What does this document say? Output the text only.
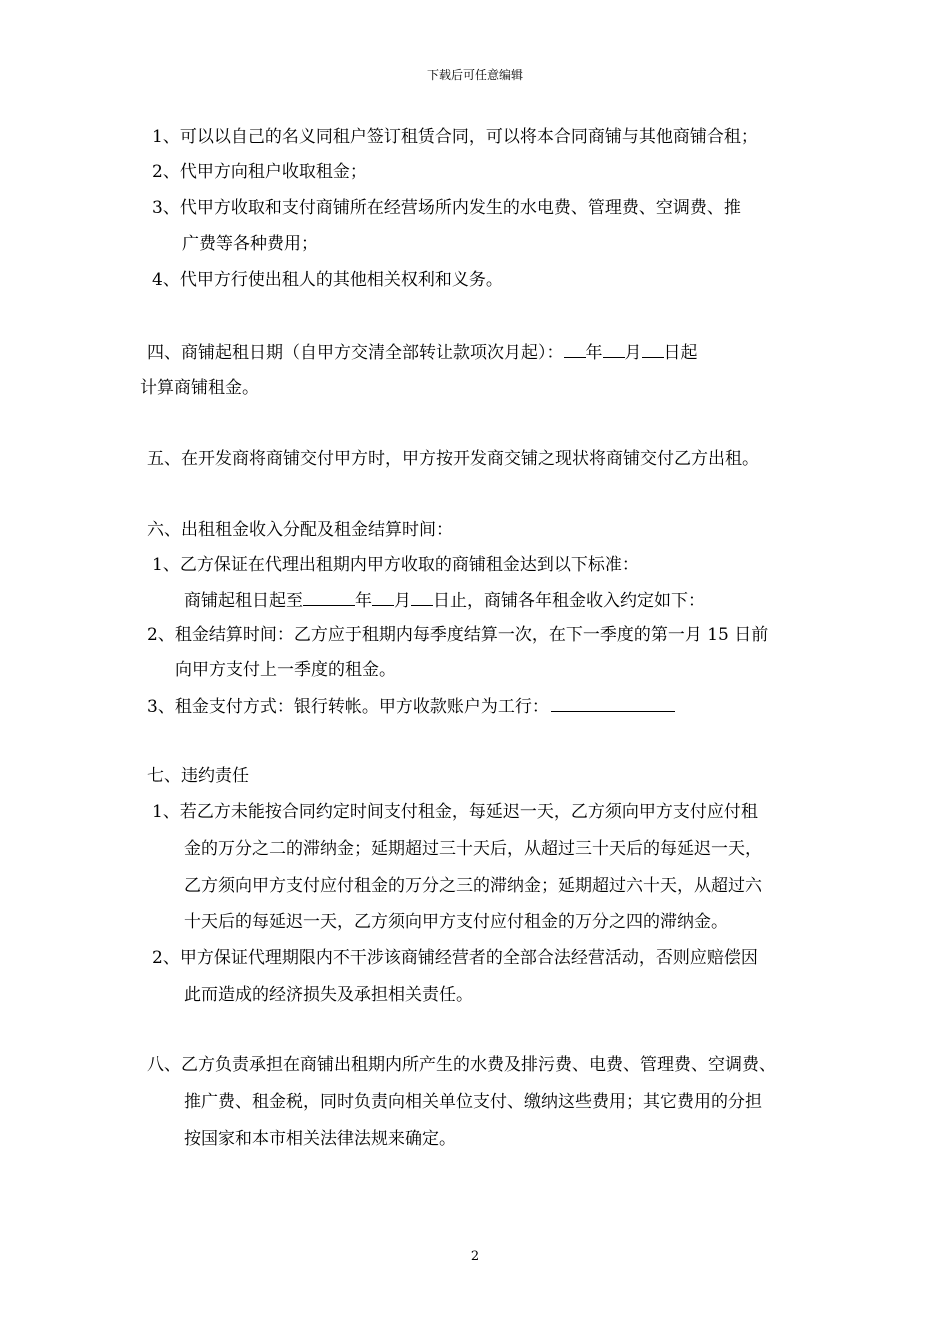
下载后可任意编辑
1、可以以自己的名义同租户签订租赁合同，可以将本合同商铺与其他商铺合租；
2、代甲方向租户收取租金；
3、代甲方收取和支付商铺所在经营场所内发生的水电费、管理费、空调费、推
广费等各种费用；
4、代甲方行使出租人的其他相关权利和义务。
四、商铺起租日期（自甲方交清全部转让款项次月起）： 年 月 日起
计算商铺租金。
五、在开发商将商铺交付甲方时，甲方按开发商交铺之现状将商铺交付乙方出租。
六、出租租金收入分配及租金结算时间：
1、乙方保证在代理出租期内甲方收取的商铺租金达到以下标准：
商铺起租日起至	年 月 日止，商铺各年租金收入约定如下：
2、租金结算时间：乙方应于租期内每季度结算一次，在下一季度的第一月 15 日前
向甲方支付上一季度的租金。
3、租金支付方式：银行转帐。甲方收款账户为工行：
七、违约责任
1、若乙方未能按合同约定时间支付租金，每延迟一天，乙方须向甲方支付应付租
金的万分之二的滞纳金；延期超过三十天后，从超过三十天后的每延迟一天，
乙方须向甲方支付应付租金的万分之三的滞纳金；延期超过六十天，从超过六
十天后的每延迟一天，乙方须向甲方支付应付租金的万分之四的滞纳金。
2、甲方保证代理期限内不干涉该商铺经营者的全部合法经营活动，否则应赔偿因
此而造成的经济损失及承担相关责任。
八、乙方负责承担在商铺出租期内所产生的水费及排污费、电费、管理费、空调费、
推广费、租金税，同时负责向相关单位支付、缴纳这些费用；其它费用的分担
按国家和本市相关法律法规来确定。
2
